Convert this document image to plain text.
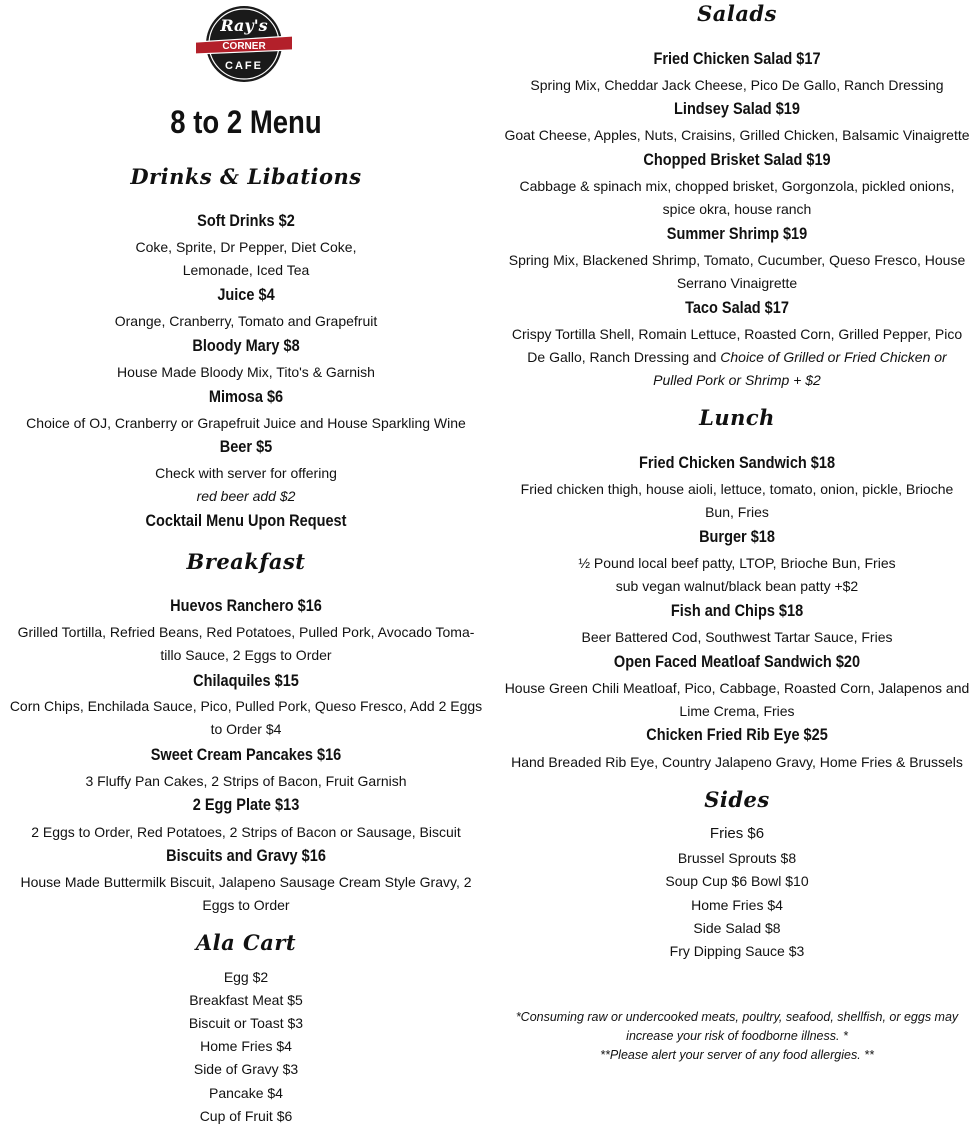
Ray's
CORNER
CAFE
8 to 2 Menu
Drinks & Libations
Soft Drinks $2
Coke, Sprite, Dr Pepper, Diet Coke,
Lemonade, Iced Tea
Juice $4
Orange, Cranberry, Tomato and Grapefruit
Bloody Mary $8
House Made Bloody Mix, Tito's & Garnish
Mimosa $6
Choice of OJ, Cranberry or Grapefruit Juice and House Sparkling Wine
Beer $5
Check with server for offering
red beer add $2
Cocktail Menu Upon Request
Breakfast
Huevos Ranchero $16
Grilled Tortilla, Refried Beans, Red Potatoes, Pulled Pork, Avocado Toma-
tillo Sauce, 2 Eggs to Order
Chilaquiles $15
Corn Chips, Enchilada Sauce, Pico, Pulled Pork, Queso Fresco, Add 2 Eggs
to Order $4
Sweet Cream Pancakes $16
3 Fluffy Pan Cakes, 2 Strips of Bacon, Fruit Garnish
2 Egg Plate $13
2 Eggs to Order, Red Potatoes, 2 Strips of Bacon or Sausage, Biscuit
Biscuits and Gravy $16
House Made Buttermilk Biscuit, Jalapeno Sausage Cream Style Gravy, 2
Eggs to Order
Ala Cart
Egg $2
Breakfast Meat $5
Biscuit or Toast $3
Home Fries $4
Side of Gravy $3
Pancake $4
Cup of Fruit $6
Salads
Fried Chicken Salad $17
Spring Mix, Cheddar Jack Cheese, Pico De Gallo, Ranch Dressing
Lindsey Salad $19
Goat Cheese, Apples, Nuts, Craisins, Grilled Chicken, Balsamic Vinaigrette
Chopped Brisket Salad $19
Cabbage & spinach mix, chopped brisket, Gorgonzola, pickled onions,
spice okra, house ranch
Summer Shrimp $19
Spring Mix, Blackened Shrimp, Tomato, Cucumber, Queso Fresco, House
Serrano Vinaigrette
Taco Salad $17
Crispy Tortilla Shell, Romain Lettuce, Roasted Corn, Grilled Pepper, Pico
De Gallo, Ranch Dressing and Choice of Grilled or Fried Chicken or
Pulled Pork or Shrimp + $2
Lunch
Fried Chicken Sandwich $18
Fried chicken thigh, house aioli, lettuce, tomato, onion, pickle, Brioche
Bun, Fries
Burger $18
½ Pound local beef patty, LTOP, Brioche Bun, Fries
sub vegan walnut/black bean patty +$2
Fish and Chips $18
Beer Battered Cod, Southwest Tartar Sauce, Fries
Open Faced Meatloaf Sandwich $20
House Green Chili Meatloaf, Pico, Cabbage, Roasted Corn, Jalapenos and
Lime Crema, Fries
Chicken Fried Rib Eye $25
Hand Breaded Rib Eye, Country Jalapeno Gravy, Home Fries & Brussels
Sides
Fries $6
Brussel Sprouts $8
Soup Cup $6 Bowl $10
Home Fries $4
Side Salad $8
Fry Dipping Sauce $3
*Consuming raw or undercooked meats, poultry, seafood, shellfish, or eggs may
increase your risk of foodborne illness. *
**Please alert your server of any food allergies. **
